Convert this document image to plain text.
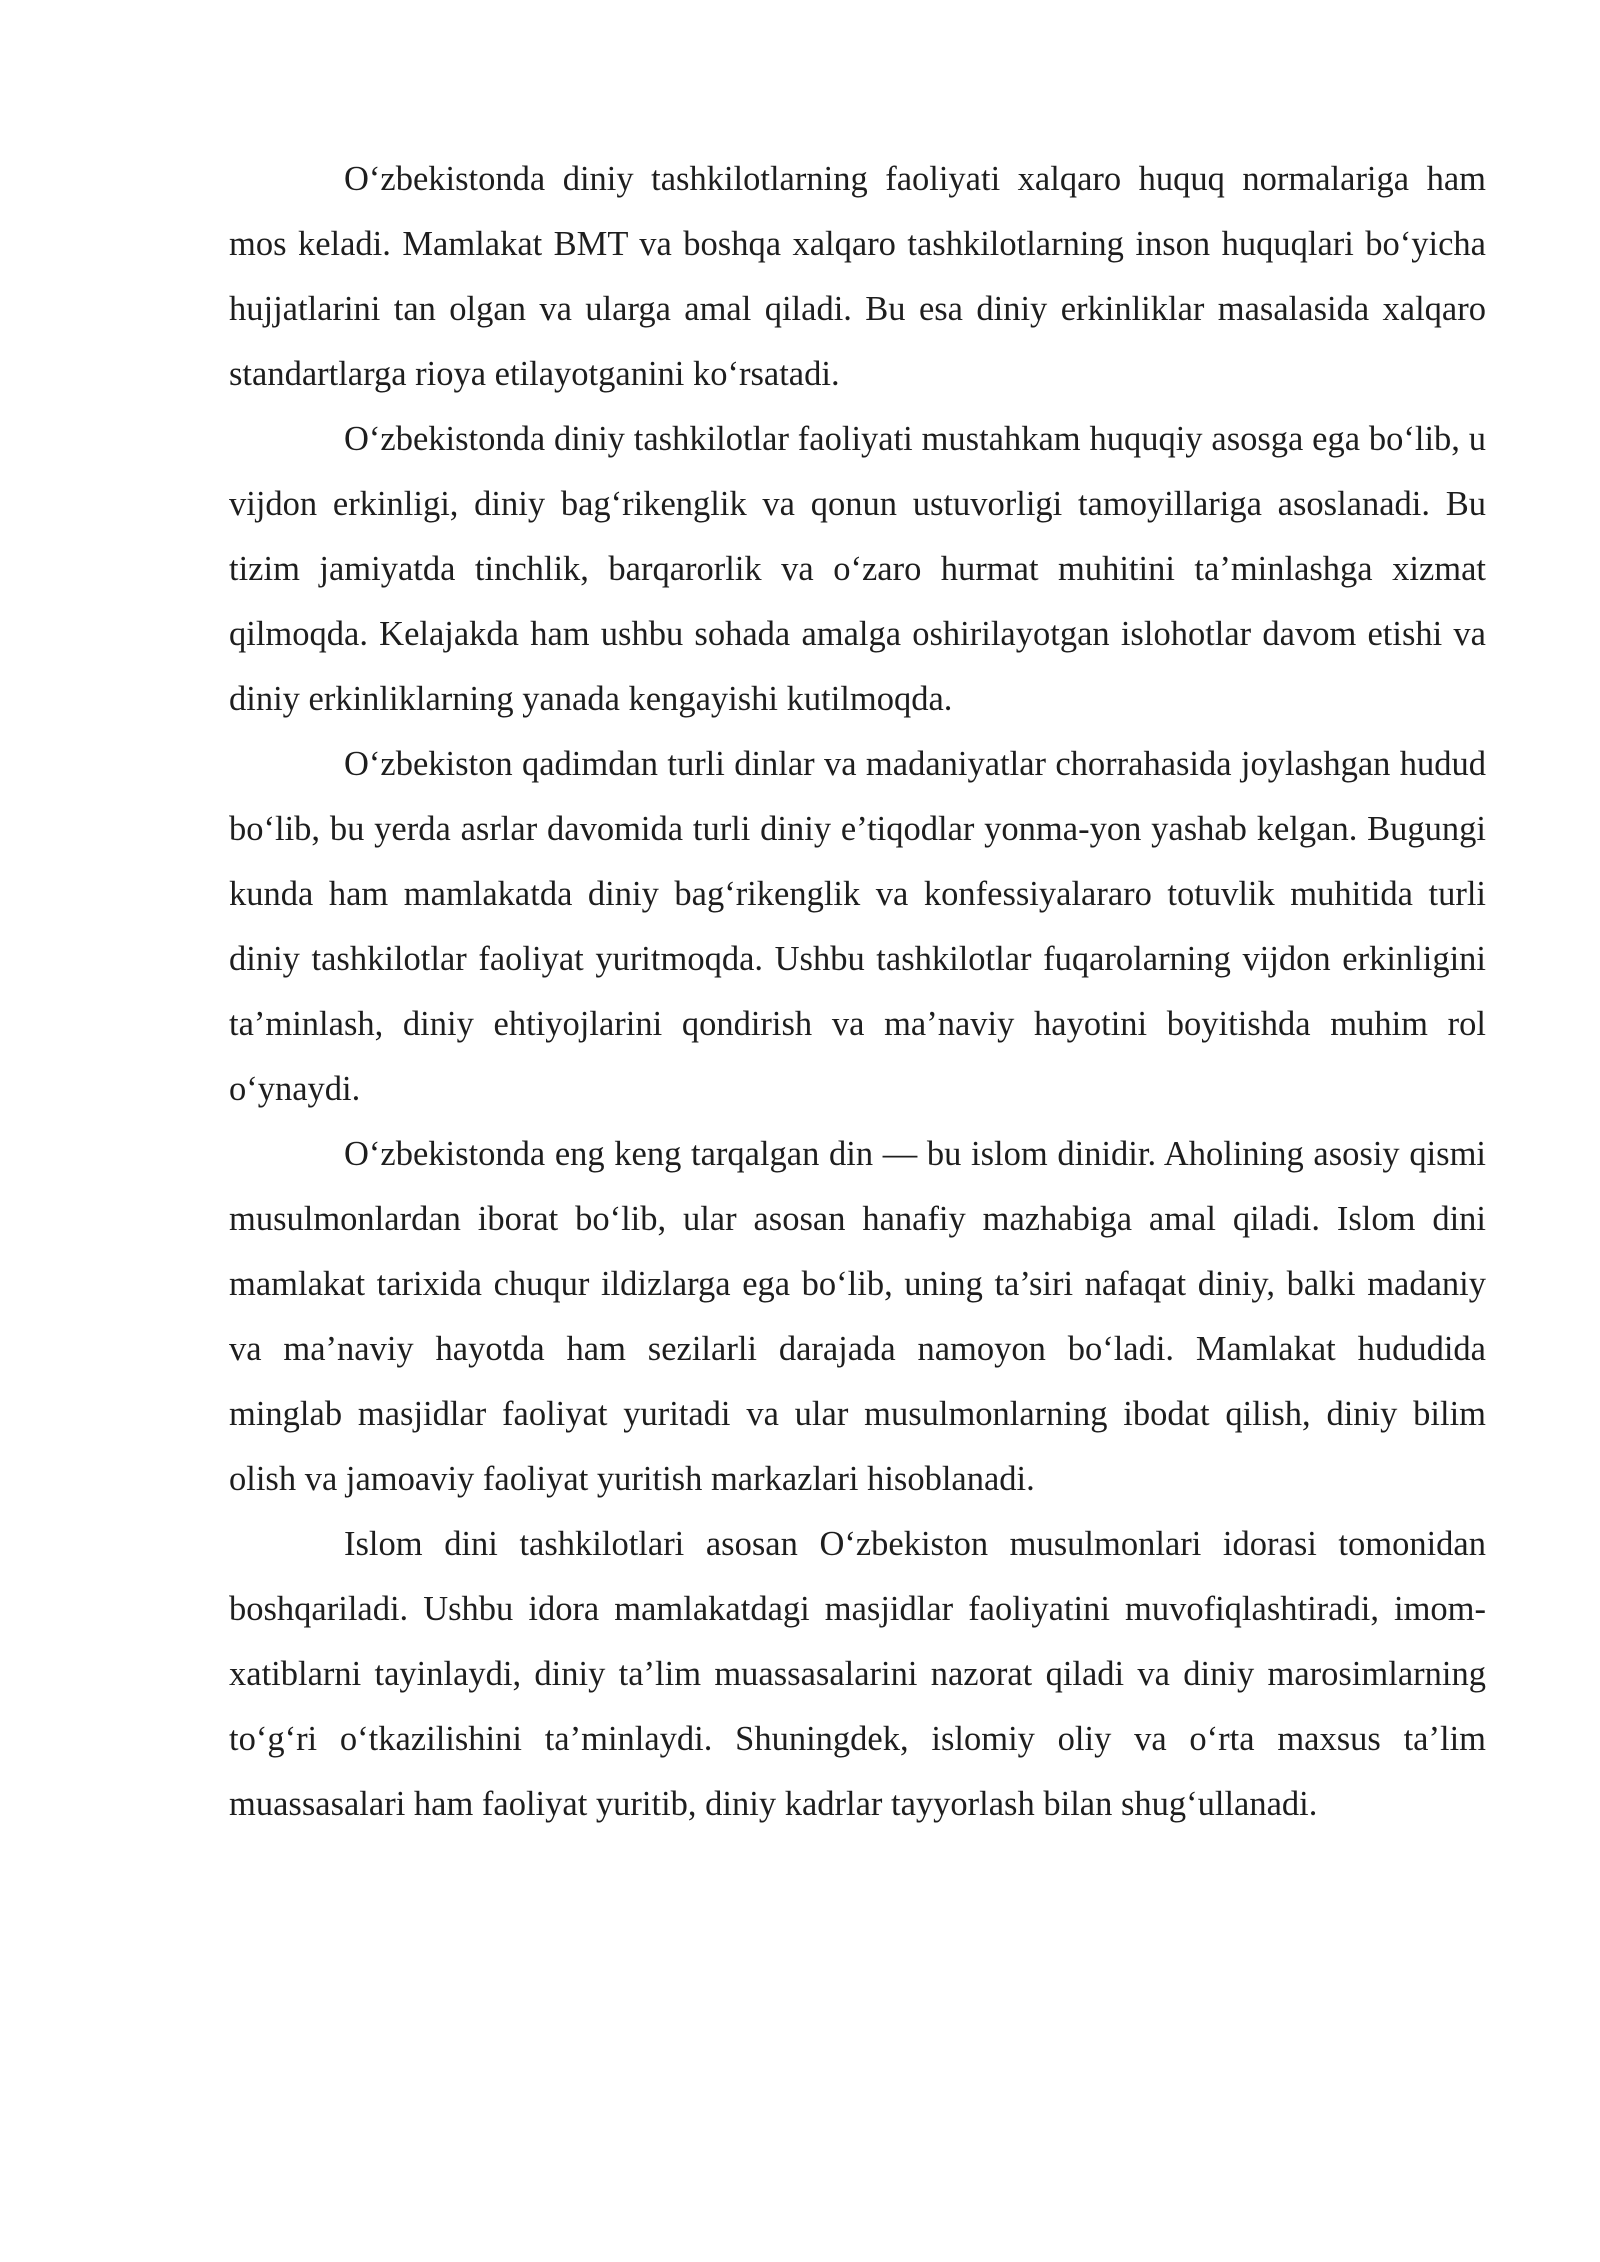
O‘zbekistonda diniy tashkilotlarning faoliyati xalqaro huquq normalariga ham mos keladi. Mamlakat BMT va boshqa xalqaro tashkilotlarning inson huquqlari bo‘yicha hujjatlarini tan olgan va ularga amal qiladi. Bu esa diniy erkinliklar masalasida xalqaro standartlarga rioya etilayotganini ko‘rsatadi.

O‘zbekistonda diniy tashkilotlar faoliyati mustahkam huquqiy asosga ega bo‘lib, u vijdon erkinligi, diniy bag‘rikenglik va qonun ustuvorligi tamoyillariga asoslanadi. Bu tizim jamiyatda tinchlik, barqarorlik va o‘zaro hurmat muhitini ta’minlashga xizmat qilmoqda. Kelajakda ham ushbu sohada amalga oshirilayotgan islohotlar davom etishi va diniy erkinliklarning yanada kengayishi kutilmoqda.

O‘zbekiston qadimdan turli dinlar va madaniyatlar chorrahasida joylashgan hudud bo‘lib, bu yerda asrlar davomida turli diniy e’tiqodlar yonma-yon yashab kelgan. Bugungi kunda ham mamlakatda diniy bag‘rikenglik va konfessiyalararo totuvlik muhitida turli diniy tashkilotlar faoliyat yuritmoqda. Ushbu tashkilotlar fuqarolarning vijdon erkinligini ta’minlash, diniy ehtiyojlarini qondirish va ma’naviy hayotini boyitishda muhim rol o‘ynaydi.

O‘zbekistonda eng keng tarqalgan din — bu islom dinidir. Aholining asosiy qismi musulmonlardan iborat bo‘lib, ular asosan hanafiy mazhabiga amal qiladi. Islom dini mamlakat tarixida chuqur ildizlarga ega bo‘lib, uning ta’siri nafaqat diniy, balki madaniy va ma’naviy hayotda ham sezilarli darajada namoyon bo‘ladi. Mamlakat hududida minglab masjidlar faoliyat yuritadi va ular musulmonlarning ibodat qilish, diniy bilim olish va jamoaviy faoliyat yuritish markazlari hisoblanadi.

Islom dini tashkilotlari asosan O‘zbekiston musulmonlari idorasi tomonidan boshqariladi. Ushbu idora mamlakatdagi masjidlar faoliyatini muvofiqlashtiradi, imom-xatiblarni tayinlaydi, diniy ta’lim muassasalarini nazorat qiladi va diniy marosimlarning to‘g‘ri o‘tkazilishini ta’minlaydi. Shuningdek, islomiy oliy va o‘rta maxsus ta’lim muassasalari ham faoliyat yuritib, diniy kadrlar tayyorlash bilan shug‘ullanadi.
